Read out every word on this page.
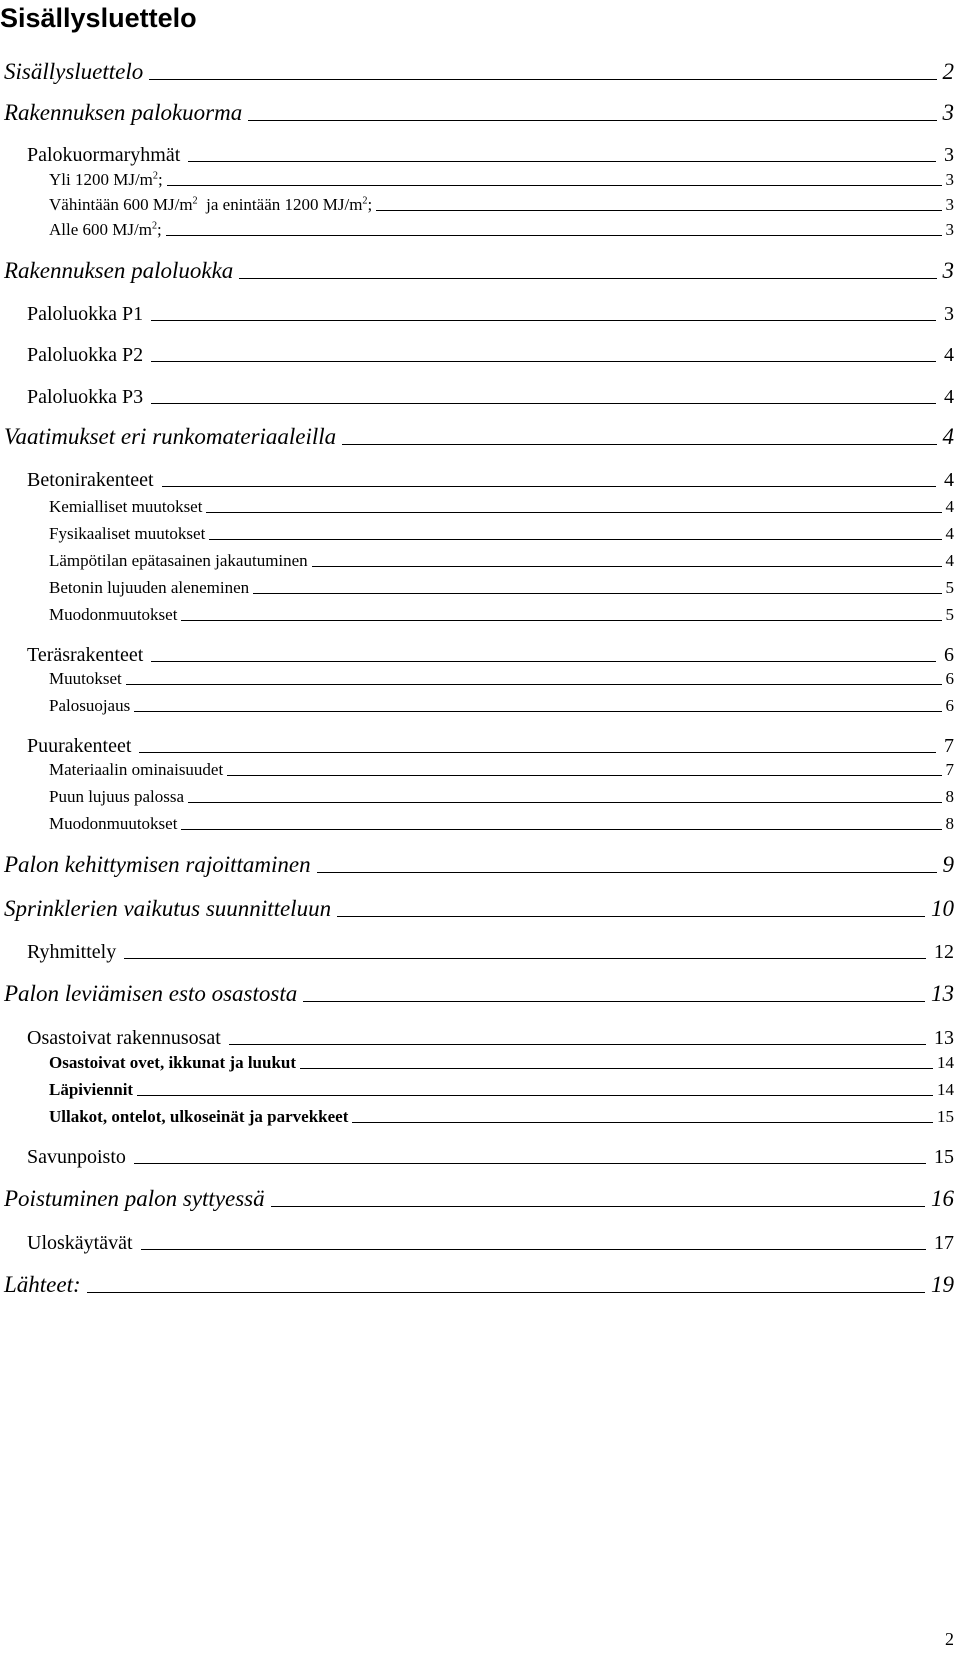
Sisällysluettelo
Sisällysluettelo	2
Rakennuksen palokuorma	3
Palokuormaryhmät	3
Yli 1200 $MJ/m^2$;	3
Vähintään 600 $MJ/m^2$  ja enintään 1200 $MJ/m^2$;	3
Alle 600 $MJ/m^2$;	3
Rakennuksen paloluokka	3
Paloluokka P1	3
Paloluokka P2	4
Paloluokka P3	4
Vaatimukset eri runkomateriaaleilla	4
Betonirakenteet	4
Kemialliset muutokset	4
Fysikaaliset muutokset	4
Lämpötilan epätasainen jakautuminen	4
Betonin lujuuden aleneminen	5
Muodonmuutokset	5
Teräsrakenteet	6
Muutokset	6
Palosuojaus	6
Puurakenteet	7
Materiaalin ominaisuudet	7
Puun lujuus palossa	8
Muodonmuutokset	8
Palon kehittymisen rajoittaminen	9
Sprinklerien vaikutus suunnitteluun	10
Ryhmittely	12
Palon leviämisen esto osastosta	13
Osastoivat rakennusosat	13
Osastoivat ovet, ikkunat ja luukut	14
Läpiviennit	14
Ullakot, ontelot, ulkoseinät ja parvekkeet	15
Savunpoisto	15
Poistuminen palon syttyessä	16
Uloskäytävät	17
Lähteet:	19
2
